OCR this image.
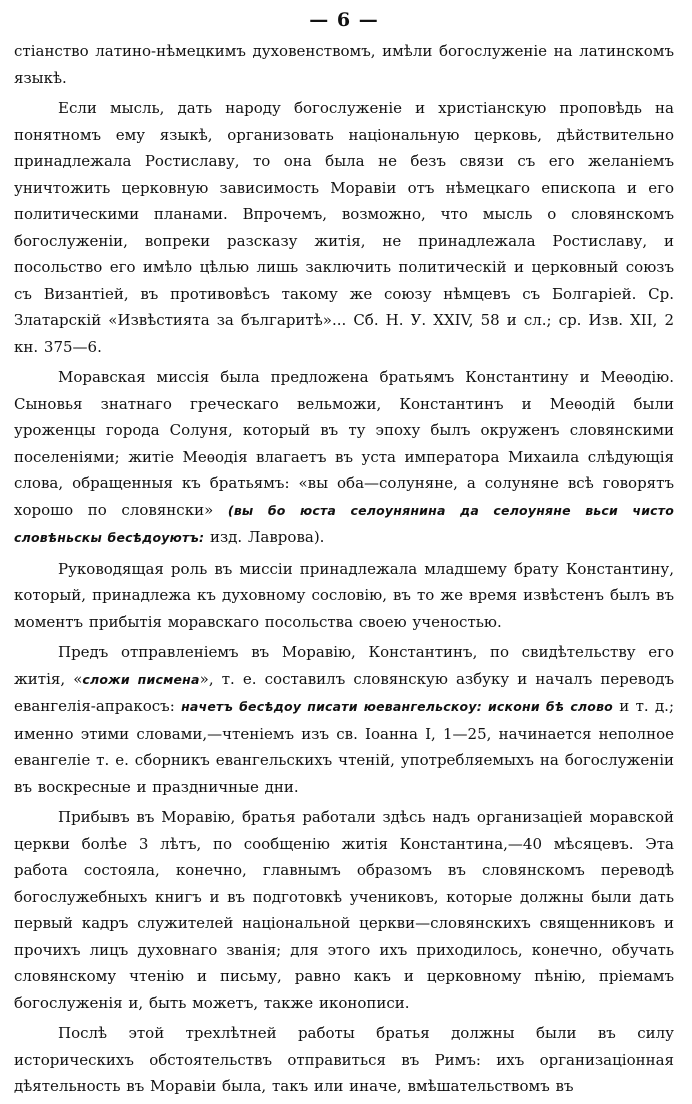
— 6 —

стіанство латино-нѣмецкимъ духовенствомъ, имѣли богослуженіе на латинскомъ языкѣ.

Если мысль, дать народу богослуженіе и христіанскую проповѣдь на понятномъ ему языкѣ, организовать національную церковь, дѣйствительно принадлежала Ростиславу, то она была не безъ связи съ его желаніемъ уничтожить церковную зависимость Моравіи отъ нѣмецкаго епископа и его политическими планами. Впрочемъ, возможно, что мысль о словянскомъ богослуженіи, вопреки разсказу житія, не принадлежала Ростиславу, и посольство его имѣло цѣлью лишь заключить политическій и церковный союзъ съ Византіей, въ противовѣсъ такому же союзу нѣмцевъ съ Болгаріей. Ср. Златарскій «Извѣстията за българитѣ»... Сб. Н. У. XXIV, 58 и сл.; ср. Изв. XII, 2 кн. 375—6.

Моравская миссія была предложена братьямъ Константину и Меѳодію. Сыновья знатнаго греческаго вельможи, Константинъ и Меѳодій были уроженцы города Солуня, который въ ту эпоху былъ окруженъ словянскими поселеніями; житіе Меѳодія влагаетъ въ уста императора Михаила слѣдующія слова, обращенныя къ братьямъ: «вы оба—солуняне, а солуняне всѣ говорятъ хорошо по словянски» (вы бо юста селоунянина да селоуняне вьси чисто словѣньскы бесѣдоуютъ: изд. Лаврова).

Руководящая роль въ миссіи принадлежала младшему брату Константину, который, принадлежа къ духовному сословію, въ то же время извѣстенъ былъ въ моментъ прибытія моравскаго посольства своею ученостью.

Предъ отправленіемъ въ Моравію, Константинъ, по свидѣтельству его житія, «сложи писмена», т. е. составилъ словянскую азбуку и началъ переводъ евангелія-апракосъ: начетъ бесѣдоу писати юевангельскоу: искони бѣ слово и т. д.; именно этими словами,—чтеніемъ изъ св. Іоанна I, 1—25, начинается неполное евангеліе т. е. сборникъ евангельскихъ чтеній, употребляемыхъ на богослуженіи въ воскресные и праздничные дни.

Прибывъ въ Моравію, братья работали здѣсь надъ организаціей моравской церкви болѣе 3 лѣтъ, по сообщенію житія Константина,—40 мѣсяцевъ. Эта работа состояла, конечно, главнымъ образомъ въ словянскомъ переводѣ богослужебныхъ книгъ и въ подготовкѣ учениковъ, которые должны были дать первый кадръ служителей національной церкви—словянскихъ священниковъ и прочихъ лицъ духовнаго званія; для этого ихъ приходилось, конечно, обучать словянскому чтенію и письму, равно какъ и церковному пѣнію, пріемамъ богослуженія и, быть можетъ, также иконописи.

Послѣ этой трехлѣтней работы братья должны были въ силу историческихъ обстоятельствъ отправиться въ Римъ: ихъ организаціонная дѣятельность въ Моравіи была, такъ или иначе, вмѣшательствомъ въ
